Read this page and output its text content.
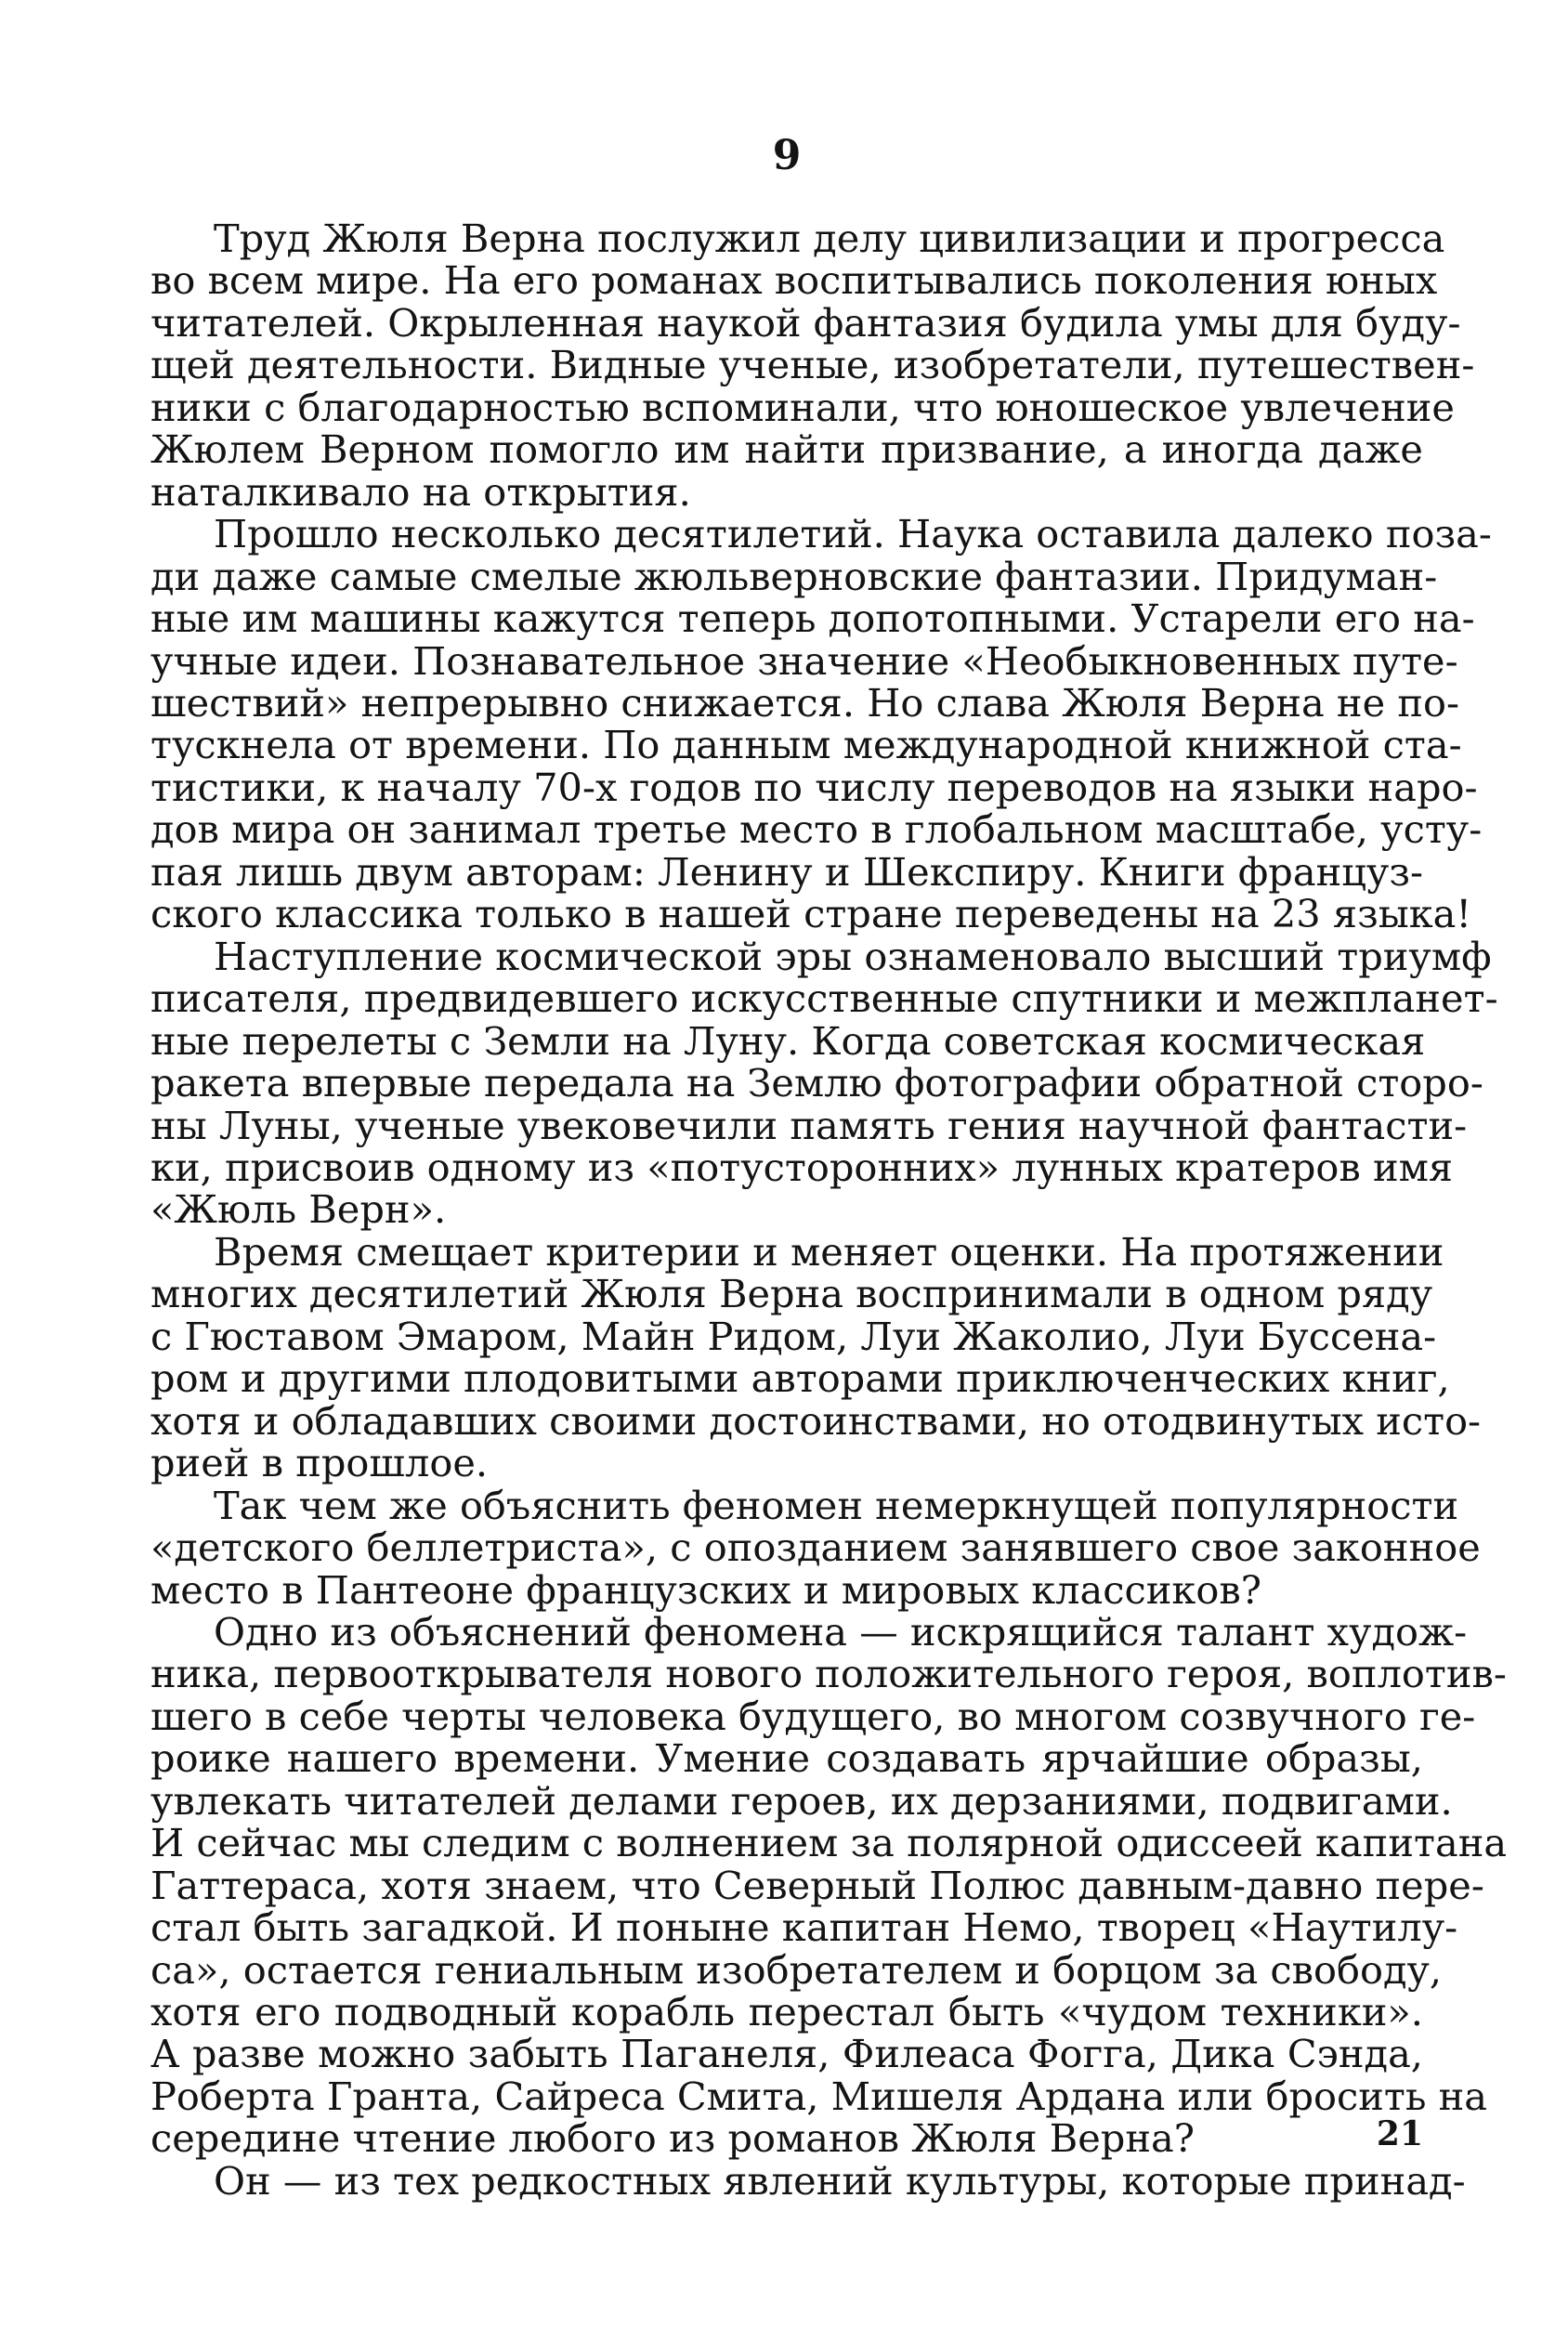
9
Труд Жюля Верна послужил делу цивилизации и прогресса
во всем мире. На его романах воспитывались поколения юных
читателей. Окрыленная наукой фантазия будила умы для буду-
щей деятельности. Видные ученые, изобретатели, путешествен-
ники с благодарностью вспоминали, что юношеское увлечение
Жюлем Верном помогло им найти призвание, а иногда даже
наталкивало на открытия.
Прошло несколько десятилетий. Наука оставила далеко поза-
ди даже самые смелые жюльверновские фантазии. Придуман-
ные им машины кажутся теперь допотопными. Устарели его на-
учные идеи. Познавательное значение «Необыкновенных путе-
шествий» непрерывно снижается. Но слава Жюля Верна не по-
тускнела от времени. По данным международной книжной ста-
тистики, к началу 70-х годов по числу переводов на языки наро-
дов мира он занимал третье место в глобальном масштабе, усту-
пая лишь двум авторам: Ленину и Шекспиру. Книги француз-
ского классика только в нашей стране переведены на 23 языка!
Наступление космической эры ознаменовало высший триумф
писателя, предвидевшего искусственные спутники и межпланет-
ные перелеты с Земли на Луну. Когда советская космическая
ракета впервые передала на Землю фотографии обратной сторо-
ны Луны, ученые увековечили память гения научной фантасти-
ки, присвоив одному из «потусторонних» лунных кратеров имя
«Жюль Верн».
Время смещает критерии и меняет оценки. На протяжении
многих десятилетий Жюля Верна воспринимали в одном ряду
с Гюставом Эмаром, Майн Ридом, Луи Жаколио, Луи Буссена-
ром и другими плодовитыми авторами приключенческих книг,
хотя и обладавших своими достоинствами, но отодвинутых исто-
рией в прошлое.
Так чем же объяснить феномен немеркнущей популярности
«детского беллетриста», с опозданием занявшего свое законное
место в Пантеоне французских и мировых классиков?
Одно из объяснений феномена — искрящийся талант худож-
ника, первооткрывателя нового положительного героя, воплотив-
шего в себе черты человека будущего, во многом созвучного ге-
роике нашего времени. Умение создавать ярчайшие образы,
увлекать читателей делами героев, их дерзаниями, подвигами.
И сейчас мы следим с волнением за полярной одиссеей капитана
Гаттераса, хотя знаем, что Северный Полюс давным-давно пере-
стал быть загадкой. И поныне капитан Немо, творец «Наутилу-
са», остается гениальным изобретателем и борцом за свободу,
хотя его подводный корабль перестал быть «чудом техники».
А разве можно забыть Паганеля, Филеаса Фогга, Дика Сэнда,
Роберта Гранта, Сайреса Смита, Мишеля Ардана или бросить на
середине чтение любого из романов Жюля Верна?
Он — из тех редкостных явлений культуры, которые принад-
21
